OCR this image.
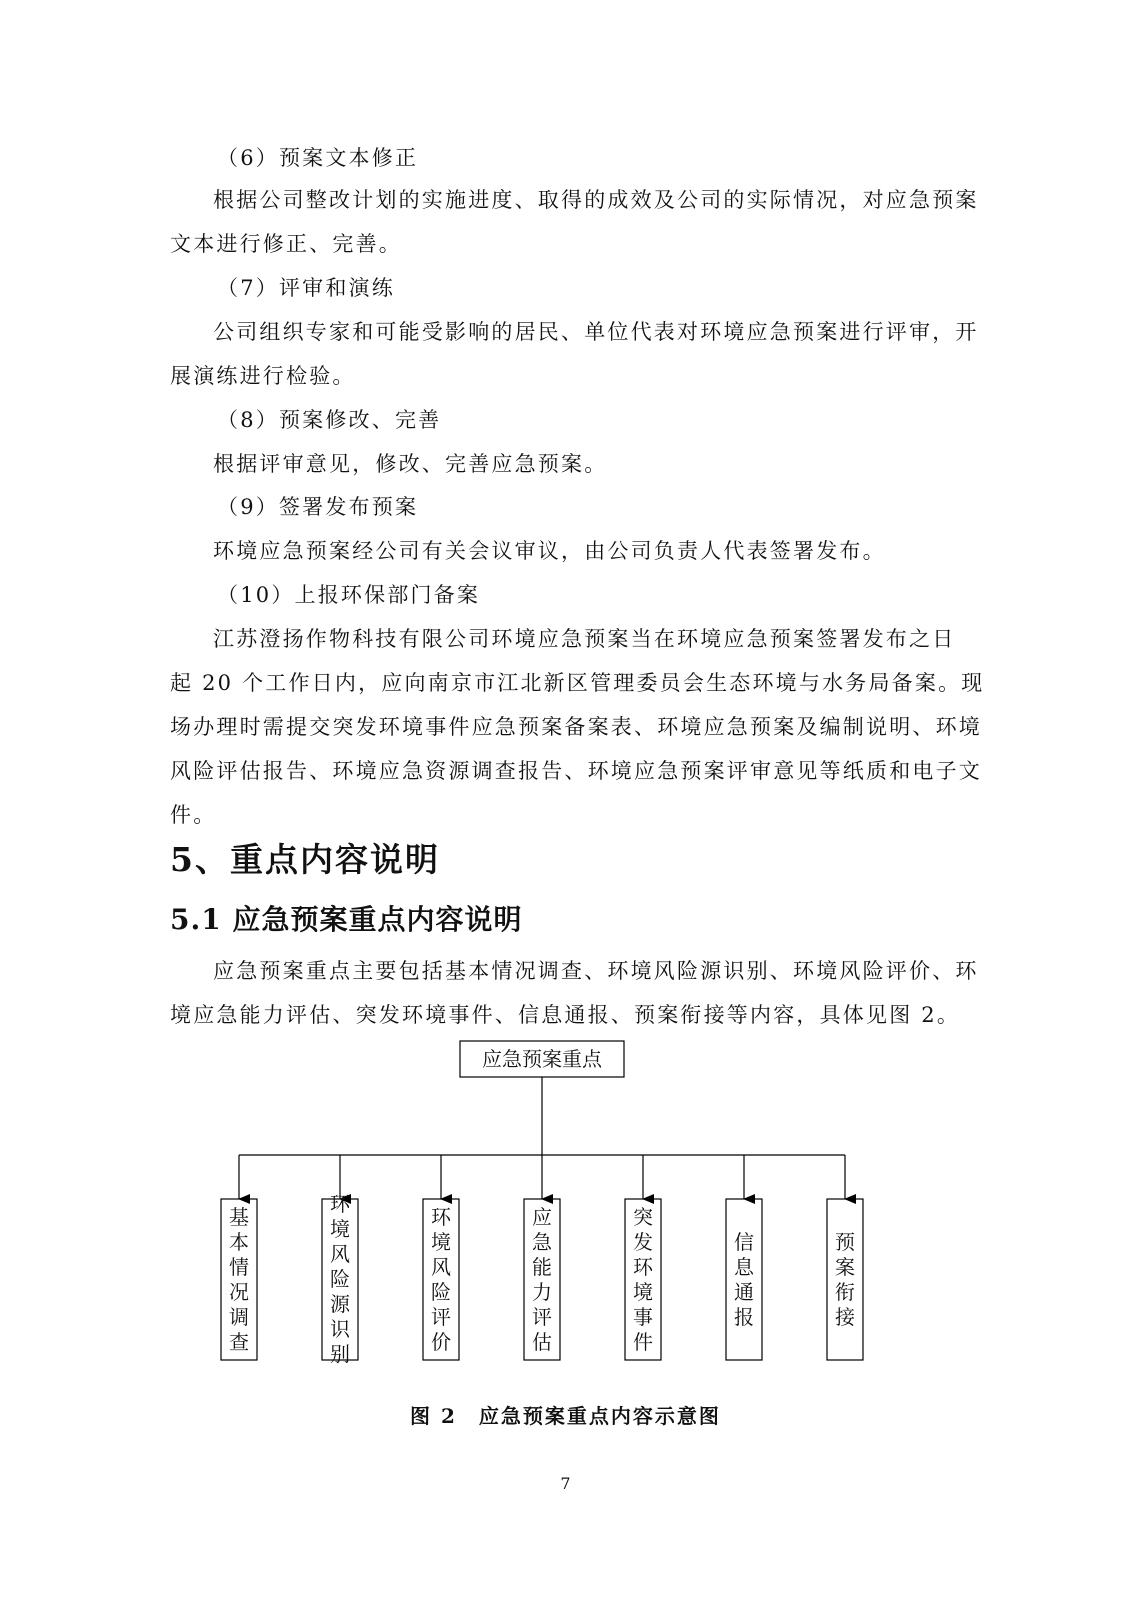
（6）预案文本修正
根据公司整改计划的实施进度、取得的成效及公司的实际情况，对应急预案
文本进行修正、完善。
（7）评审和演练
公司组织专家和可能受影响的居民、单位代表对环境应急预案进行评审，开
展演练进行检验。
（8）预案修改、完善
根据评审意见，修改、完善应急预案。
（9）签署发布预案
环境应急预案经公司有关会议审议，由公司负责人代表签署发布。
（10）上报环保部门备案
江苏澄扬作物科技有限公司环境应急预案当在环境应急预案签署发布之日
起 20 个工作日内，应向南京市江北新区管理委员会生态环境与水务局备案。现
场办理时需提交突发环境事件应急预案备案表、环境应急预案及编制说明、环境
风险评估报告、环境应急资源调查报告、环境应急预案评审意见等纸质和电子文
件。
5、重点内容说明
5.1 应急预案重点内容说明
应急预案重点主要包括基本情况调查、环境风险源识别、环境风险评价、环
境应急能力评估、突发环境事件、信息通报、预案衔接等内容，具体见图 2。
应急预案重点
基
本
情
况
调
查
环
境
风
险
源
识
别
环
境
风
险
评
价
应
急
能
力
评
估
突
发
环
境
事
件
信
息
通
报
预
案
衔
接
图 2　应急预案重点内容示意图
7
